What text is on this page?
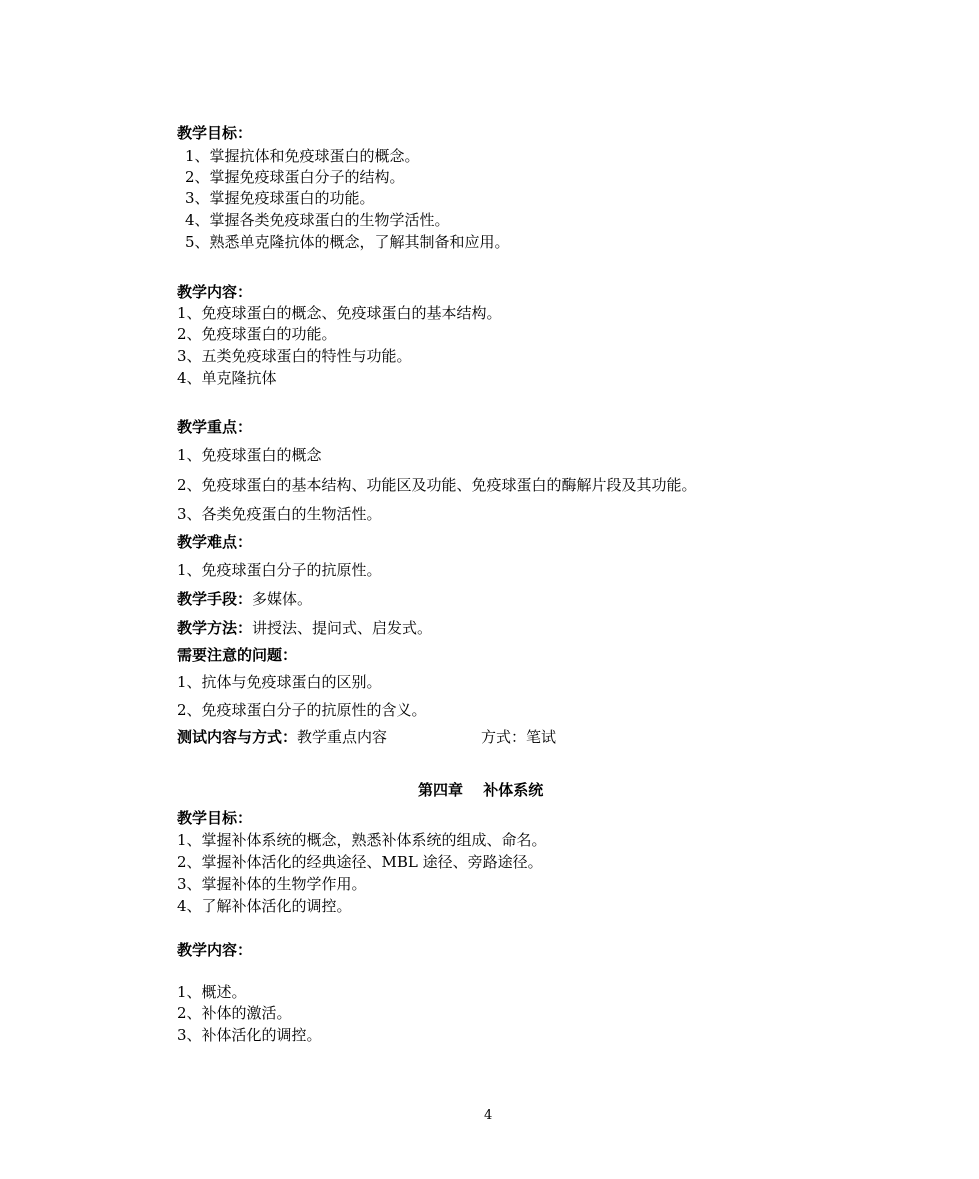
教学目标：
1、掌握抗体和免疫球蛋白的概念。
2、掌握免疫球蛋白分子的结构。
3、掌握免疫球蛋白的功能。
4、掌握各类免疫球蛋白的生物学活性。
5、熟悉单克隆抗体的概念，了解其制备和应用。
教学内容：
1、免疫球蛋白的概念、免疫球蛋白的基本结构。
2、免疫球蛋白的功能。
3、五类免疫球蛋白的特性与功能。
4、单克隆抗体
教学重点：
1、免疫球蛋白的概念
2、免疫球蛋白的基本结构、功能区及功能、免疫球蛋白的酶解片段及其功能。
3、各类免疫蛋白的生物活性。
教学难点：
1、免疫球蛋白分子的抗原性。
教学手段：多媒体。
教学方法：讲授法、提问式、启发式。
需要注意的问题：
1、抗体与免疫球蛋白的区别。
2、免疫球蛋白分子的抗原性的含义。
测试内容与方式：教学重点内容	方式：笔试
第四章　 补体系统
教学目标：
1、掌握补体系统的概念，熟悉补体系统的组成、命名。
2、掌握补体活化的经典途径、MBL 途径、旁路途径。
3、掌握补体的生物学作用。
4、了解补体活化的调控。
教学内容：
1、概述。
2、补体的激活。
3、补体活化的调控。
4
